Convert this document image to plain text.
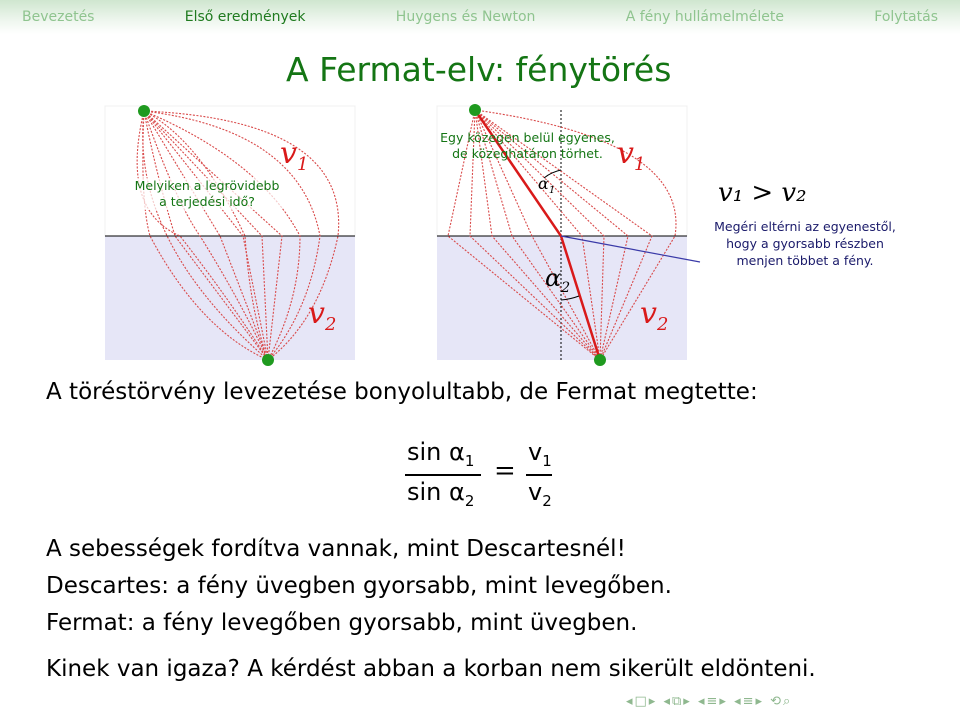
Bevezetés	Első eredmények	Huygens és Newton	A fény hullámelmélete	Folytatás
A Fermat-elv: fénytörés
$v_1$
$v_2$
Melyiken a legrövidebb
a terjedési idő?
Egy közegen belül egyenes,
de közeghatáron törhet. $v_1$
$v_2$
$\alpha_1$
$\alpha_2$
v₁ > v₂
Megéri eltérni az egyenestől,
hogy a gyorsabb részben
menjen többet a fény.
A töréstörvény levezetése bonyolultabb, de Fermat megtette:
$\sin \alpha_1$
$\sin \alpha_2$
=
$v_1$
$v_2$
A sebességek fordítva vannak, mint Descartesnél!
Descartes: a fény üvegben gyorsabb, mint levegőben.
Fermat: a fény levegőben gyorsabb, mint üvegben.
Kinek van igaza? A kérdést abban a korban nem sikerült eldönteni.
◂□▸ ◂⧉▸ ◂≡▸ ◂≡▸ ⟲⌕
